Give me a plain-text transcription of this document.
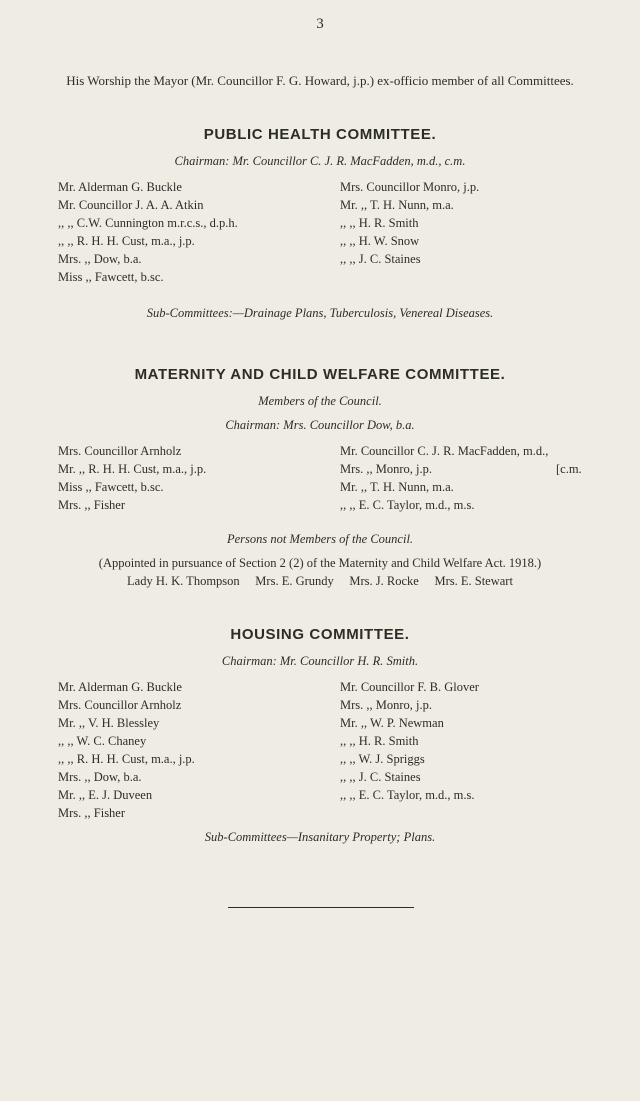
3
His Worship the Mayor (Mr. Councillor F. G. Howard, j.p.) ex-officio member of all Committees.
PUBLIC HEALTH COMMITTEE.
Chairman: Mr. Councillor C. J. R. MacFadden, m.d., c.m.
Mr. Alderman G. Buckle
Mr. Councillor J. A. A. Atkin
,, ,, C.W. Cunnington m.r.c.s., d.p.h.
,, ,, R. H. H. Cust, m.a., j.p.
Mrs. ,, Dow, b.a.
Miss ,, Fawcett, b.sc.
Mrs. Councillor Monro, j.p.
Mr. ,, T. H. Nunn, m.a.
,, ,, H. R. Smith
,, ,, H. W. Snow
,, ,, J. C. Staines
Sub-Committees:—Drainage Plans, Tuberculosis, Venereal Diseases.
MATERNITY AND CHILD WELFARE COMMITTEE.
Members of the Council.
Chairman: Mrs. Councillor Dow, b.a.
Mrs. Councillor Arnholz
Mr. ,, R. H. H. Cust, m.a., j.p.
Miss ,, Fawcett, b.sc.
Mrs. ,, Fisher
Mr. Councillor C. J. R. MacFadden, m.d.,
[c.m.
Mrs. ,, Monro, j.p.
Mr. ,, T. H. Nunn, m.a.
,, ,, E. C. Taylor, m.d., m.s.
Persons not Members of the Council.
(Appointed in pursuance of Section 2 (2) of the Maternity and Child Welfare Act. 1918.)
Lady H. K. Thompson Mrs. E. Grundy Mrs. J. Rocke Mrs. E. Stewart
HOUSING COMMITTEE.
Chairman: Mr. Councillor H. R. Smith.
Mr. Alderman G. Buckle
Mrs. Councillor Arnholz
Mr. ,, V. H. Blessley
,, ,, W. C. Chaney
,, ,, R. H. H. Cust, m.a., j.p.
Mrs. ,, Dow, b.a.
Mr. ,, E. J. Duveen
Mrs. ,, Fisher
Mr. Councillor F. B. Glover
Mrs. ,, Monro, j.p.
Mr. ,, W. P. Newman
,, ,, H. R. Smith
,, ,, W. J. Spriggs
,, ,, J. C. Staines
,, ,, E. C. Taylor, m.d., m.s.
Sub-Committees—Insanitary Property; Plans.
